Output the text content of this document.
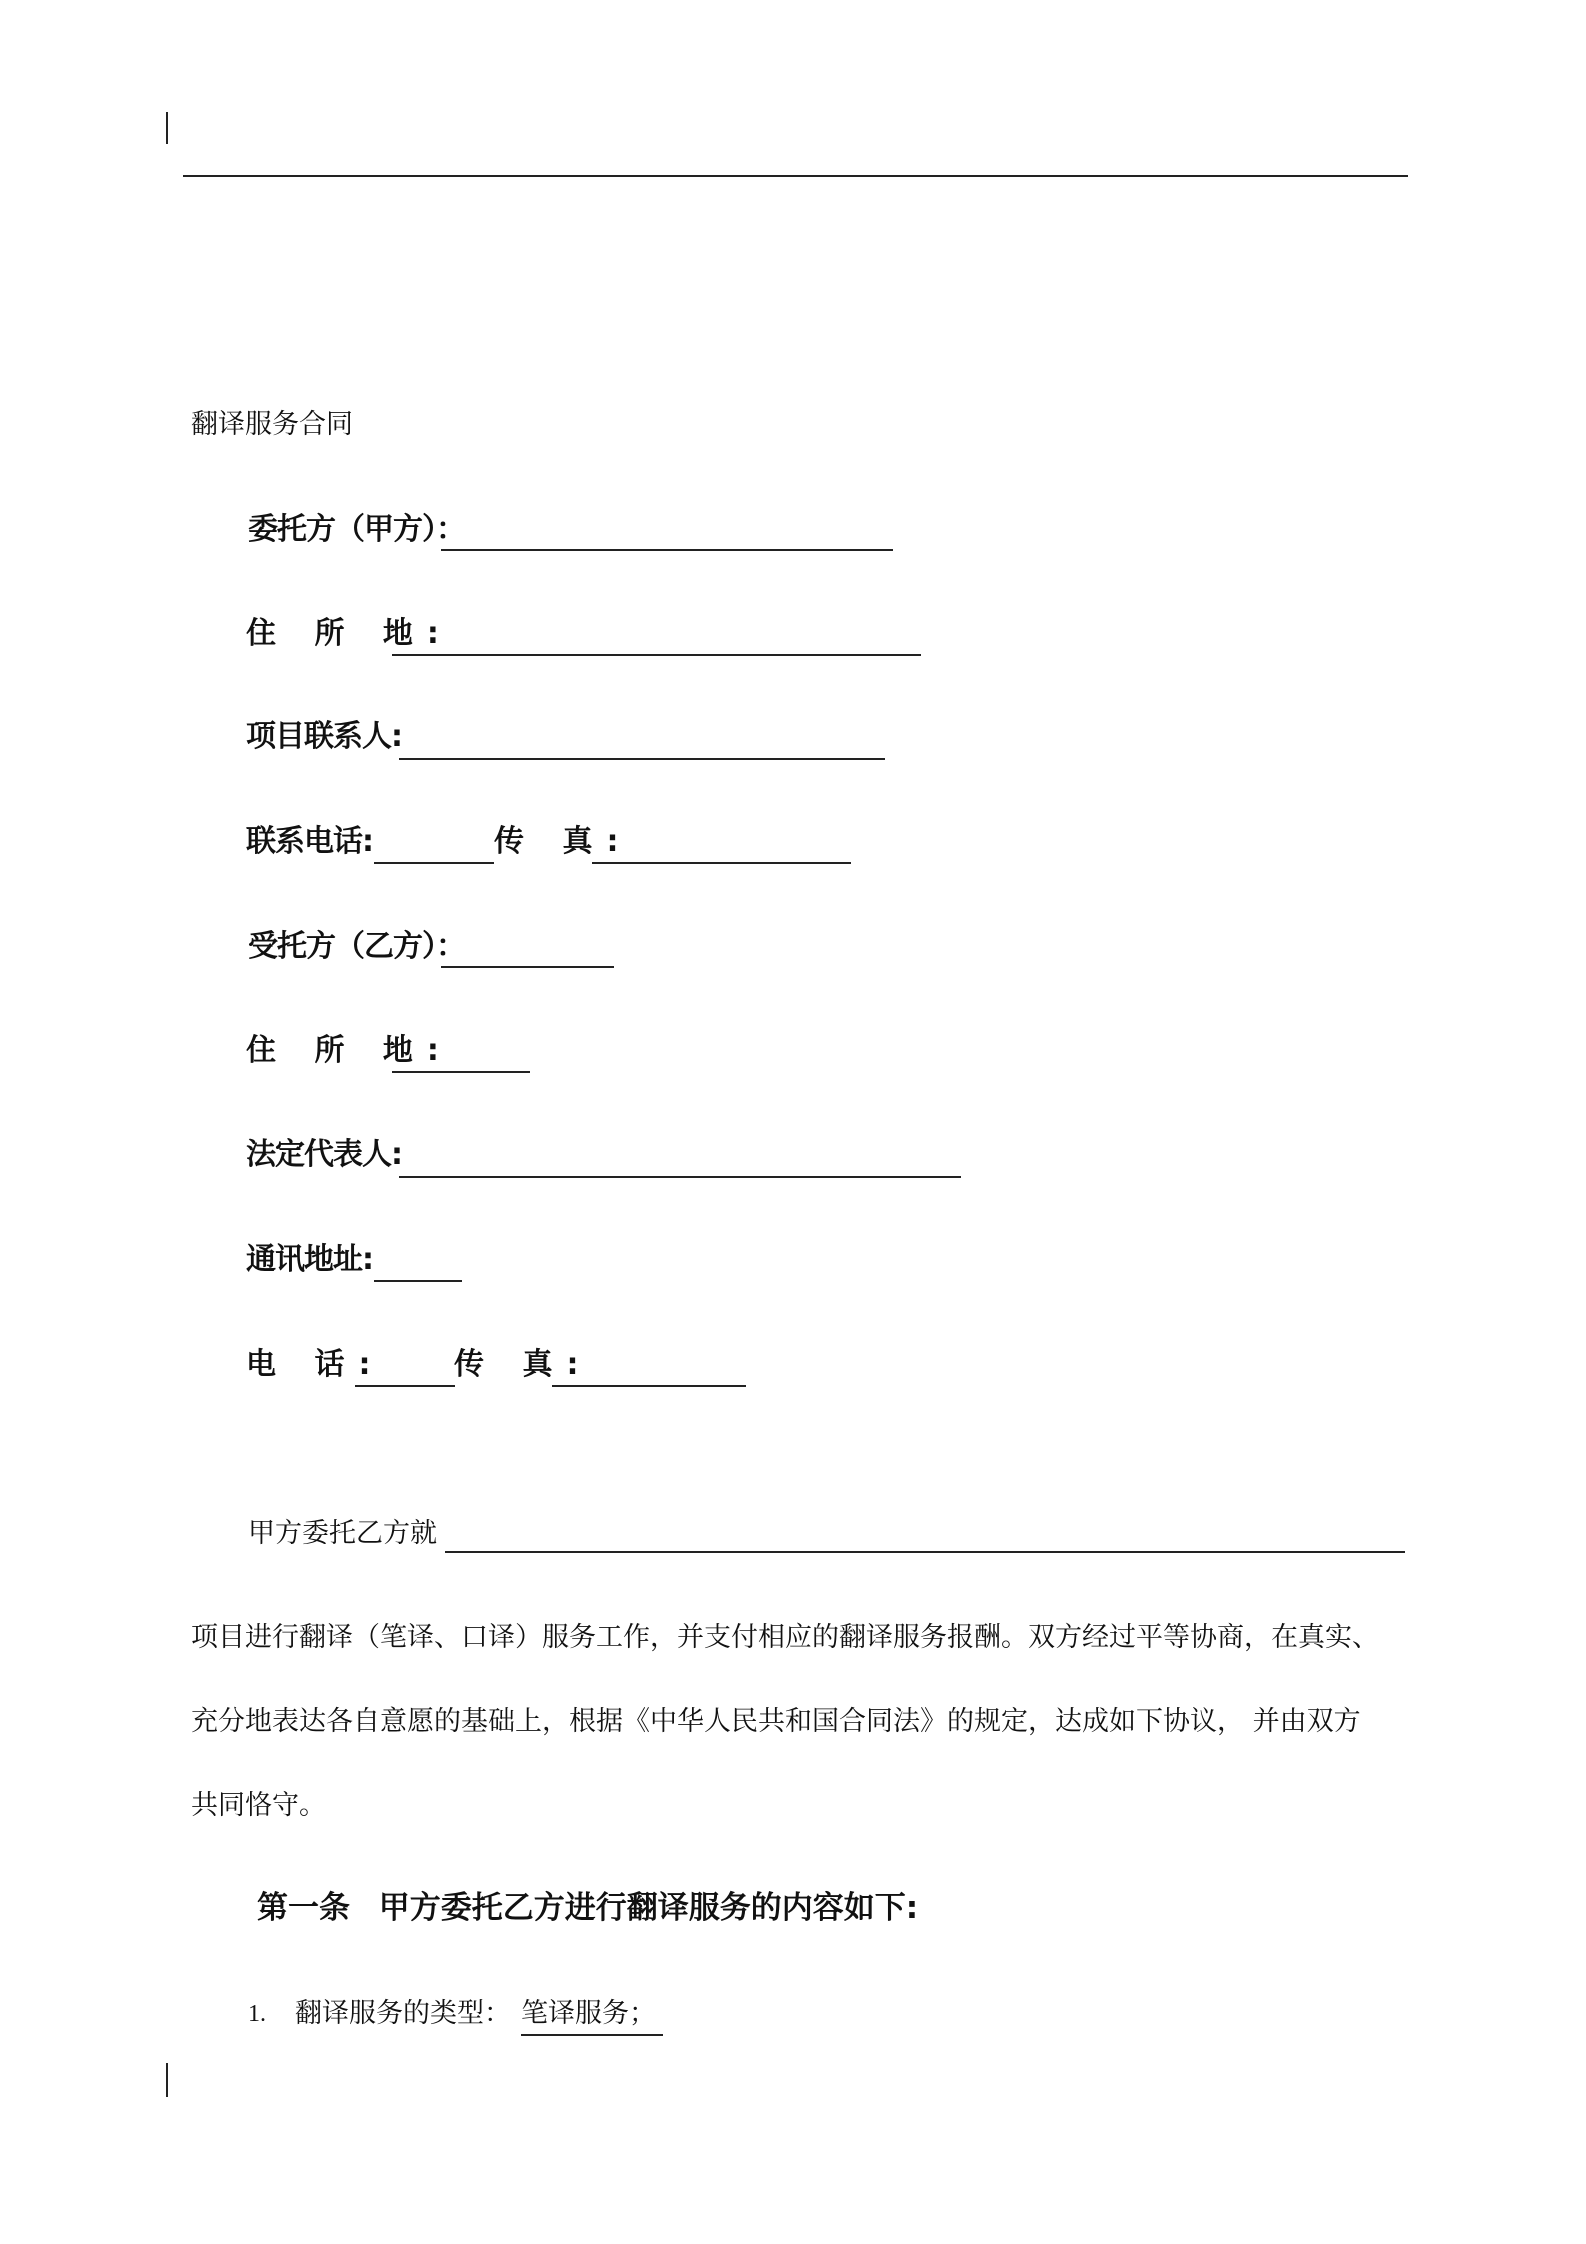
翻译服务合同
委托方（甲方）：
住 所 地:
项目联系人:
联系电话:	传 真:
受托方（乙方）：
住 所 地:
法定代表人:
通讯地址:
电 话: 传 真:
甲方委托乙方就
项目进行翻译（笔译、口译）服务工作，并支付相应的翻译服务报酬。双方经过平等协商，在真实、
充分地表达各自意愿的基础上，根据《中华人民共和国合同法》的规定，达成如下协议， 并由双方
共同恪守。
第一条 甲方委托乙方进行翻译服务的内容如下:
1. 翻译服务的类型： 笔译服务；
